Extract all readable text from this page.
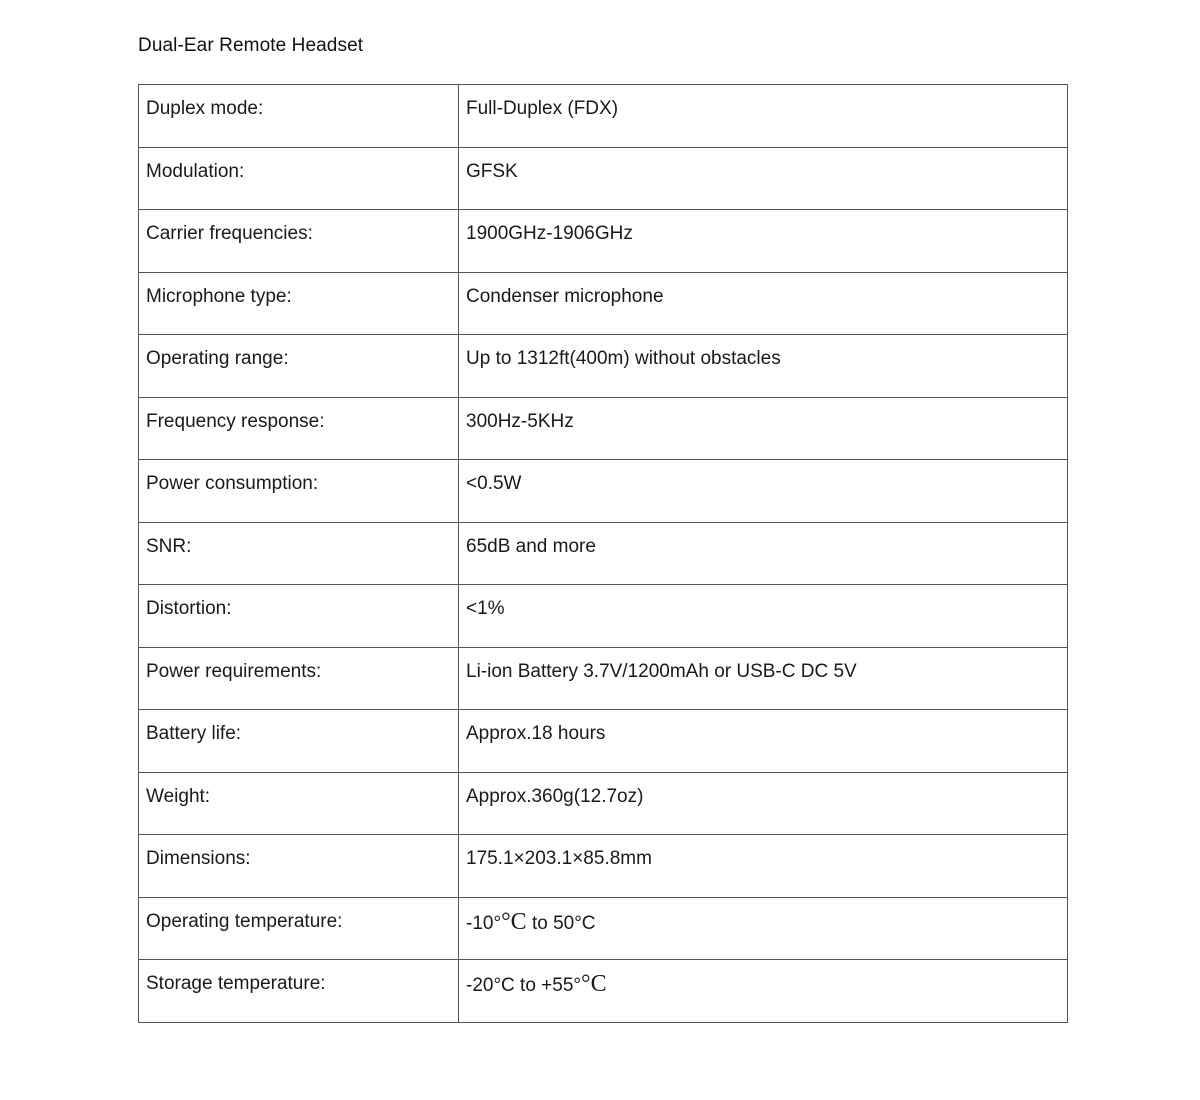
Dual-Ear Remote Headset
Duplex mode:	Full-Duplex (FDX)
Modulation:	GFSK
Carrier frequencies:	1900GHz-1906GHz
Microphone type:	Condenser microphone
Operating range:	Up to 1312ft(400m) without obstacles
Frequency response:	300Hz-5KHz
Power consumption:	<0.5W
SNR:	65dB and more
Distortion:	<1%
Power requirements:	Li-ion Battery 3.7V/1200mAh or USB-C DC 5V
Battery life:	Approx.18 hours
Weight:	Approx.360g(12.7oz)
Dimensions:	175.1×203.1×85.8mm
Operating temperature:	-10°°C to 50°C
Storage temperature:	-20°C to +55°°C
